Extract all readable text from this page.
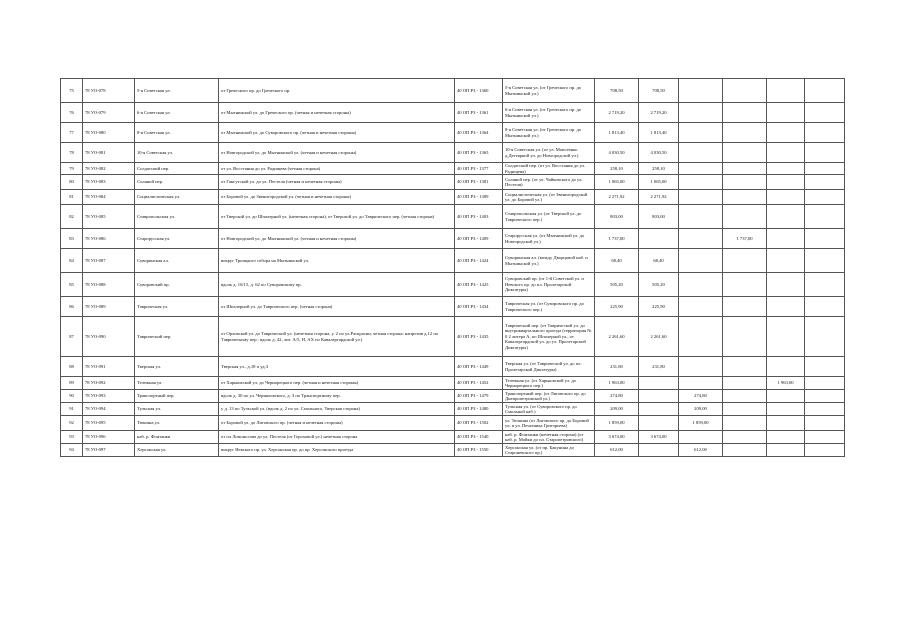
75	78 УО-078	5-я Советская ул.	от Греческого пр. до Греческого пр.	40 ОП РЗ - 1360	5-я Советская ул. (от Греческого пр. до Мытнинской ул.)	708,50	708,50				
76	78 УО-079	6-я Советская ул.	от Мытнинской ул. до Греческого пр. (четная и нечетная стороны)	40 ОП РЗ - 1361	6-я Советская ул. (от Греческого пр. до Мытнинской ул.)	2 719,20	2 719,20				
77	78 УО-080	8-я Советская ул.	от Мытнинской ул. до Суворовского пр. (четная и нечетная стороны)	40 ОП РЗ - 1364	8-я Советская ул. (от Греческого пр. до Мытнинской ул.)	1 813,40	1 813,40				
78	78 УО-081	10-я Советская ул.	от Новгородской ул. до Мытнинской ул. (четная и нечетная стороны)	40 ОП РЗ - 1365	10-я Советская ул. (от ул. Моисеенко д.Дегтярной ул. до Новгородской ул.)	4 030,50	4 030,50				
79	78 УО-082	Солдатский пер.	от ул. Восстания до ул. Радищева (четная сторона)	40 ОП РЗ - 1377	Солдатский пер. (от ул. Восстания до ул. Радищева)	258,10	258,10				
80	78 УО-083	Соляной пер.	от Гангутской ул. до ул. Пестеля (четная и нечетная стороны)	40 ОП РЗ - 1381	Соляной пер. (от ул. Чайковского до ул. Пестеля)	1 065,00	1 065,00				
81	78 УО-084	Социалистическая ул.	от Боровой ул. до Звенигородской ул. (четная и нечетная стороны)	40 ОП РЗ - 1389	Социалистическая ул. (от Звенигородской ул. до Боровой ул.)	2 271,92	2 271,92				
82	78 УО-085	Ставропольская ул.	от Тверской ул. до Шпалерной ул. (нечетная сторона), от Тверской ул. до Таврического пер. (четная сторона)	40 ОП РЗ - 1403	Ставропольская ул. (от Тверской ул. до Таврического пер.)	803,00	803,00				
83	78 УО-086	Старорусская ул.	от Новгородской ул. до Мытнинской ул. (четная и нечетная стороны)	40 ОП РЗ - 1409	Старорусская ул. (от Мытнинской ул. до Новгородской ул.)	1 737,00			1 737,00		
84	78 УО-087	Суворинская ал.	вокруг Троицкого собора на Мытнинской ул.	40 ОП РЗ - 1424	Суворинская ал. (между Дворцовой наб. и Мытнинской ул.)	68,40	68,40				
85	78 УО-088	Суворовский пр.	вдоль д. 16/15, д. 62 по Суворовскому пр.	40 ОП РЗ - 1425	Суворовский пр. (от 1-й Советской ул. и Невского пр. до пл. Пролетарской Диктатуры)	505,20	505,20				
86	78 УО-089	Таврическая ул.	от Шпалерной ул. до Таврического пер. (четная сторона)	40 ОП РЗ - 1434	Таврическая ул. (от Суворовского пр. до Таврического пер.)	225,90	225,90				
87	78 УО-090	Таврический пер.	от Орловской ул. до Таврической ул. (нечетная сторона, у. 2 по ул.Раскрасин, четная сторона: напротив д.12 по Таврическому пер.: вдоль д. 42, лит. А/5, Н, АХ по Кавалергардской ул.)	40 ОП РЗ - 1435	Таврический пер. (от Таврической ул. до внутриквартального проезда (территория № 0 2 литера А, по Шпалерной ул., от Кавалергардской ул. до ул. Пролетарской Диктатуры)	2 261,60	2 261,60				
88	78 УО-091	Тверская ул.	Тверская ул., д.18 п уд.3	40 ОП РЗ - 1449	Тверская ул. (от Таврической ул. до пл. Пролетарской Диктатуры)	231,80	231,80				
89	78 УО-092	Тележная ул.	от Харьковской ул. до Чернорецкого пер. (четная и нечетная стороны)	40 ОП РЗ - 1452	Тележная ул. (от Харьковской ул. до Чернорецкого пер.)	1 963,00				1 963,00	
90	78 УО-093	Транспортный пер.	вдоль д. 30 по ул. Черняховского, д. 3 по Транспортному пер.	40 ОП РЗ - 1479	Транспортный пер. (от Лиговского пр. до Днепропетровской ул.)	274,80		274,80			
91	78 УО-094	Тульская ул.	у д. 13 по Тульской ул. (вдоль д. 2 по ул. Смольного, Тверская сторона)	40 ОП РЗ - 1480	Тульская ул. (от Суворовского пр. до Смольной наб.)	209,00		209,00			
92	78 УО-095	Тюшина ул.	от Боровой ул. до Лиговского пр. (четная и нечетная стороны)	40 ОП РЗ - 1502	ул. Тюшина (от Лиговского пр. до Боровой ул. и ул. Печатника Григорьева)	1 859,00		1 859,00			
93	78 УО-096	наб. р. Фонтанки	от пл.Ломоносова до ул. Пестеля (от Гороховой ул.) нечетная сторона	40 ОП РЗ - 1540	наб. р. Фонтанки (нечетная сторона) (от наб. р. Мойки до пл. Старопетровского)	3 674,00	3 674,00				
94	78 УО-097	Херсонская ул.	вокруг Невского пр. ул. Херсонская пр. до пр. Херсонского проезда	40 ОП РЗ - 1550	Херсонская ул. (от пр. Бакунина до Староневского пр.)	612,00		612,00			
